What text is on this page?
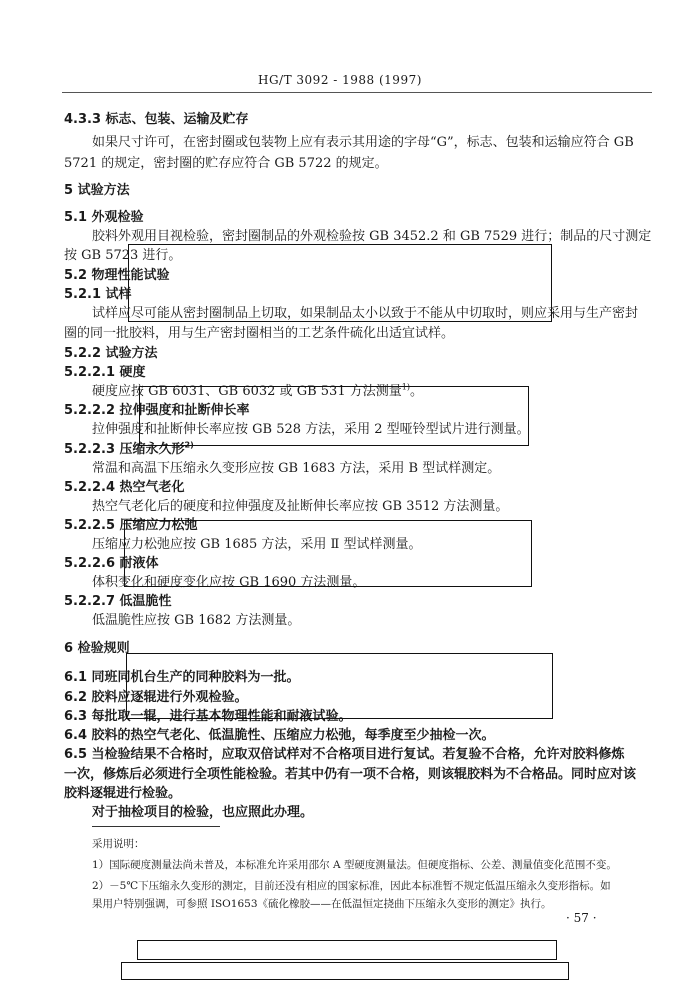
HG/T 3092 - 1988 (1997)
4.3.3 标志、包装、运输及贮存
如果尺寸许可，在密封圈或包装物上应有表示其用途的字母“G”，标志、包装和运输应符合 GB
5721 的规定，密封圈的贮存应符合 GB 5722 的规定。
5 试验方法
5.1 外观检验
胶料外观用目视检验，密封圈制品的外观检验按 GB 3452.2 和 GB 7529 进行；制品的尺寸测定
按 GB 5723 进行。
5.2 物理性能试验
5.2.1 试样
试样应尽可能从密封圈制品上切取，如果制品太小以致于不能从中切取时，则应采用与生产密封
圈的同一批胶料，用与生产密封圈相当的工艺条件硫化出适宜试样。
5.2.2 试验方法
5.2.2.1 硬度
硬度应按 GB 6031、GB 6032 或 GB 531 方法测量$^{1)}$。
5.2.2.2 拉伸强度和扯断伸长率
拉伸强度和扯断伸长率应按 GB 528 方法，采用 2 型哑铃型试片进行测量。
5.2.2.3 压缩永久形$^{2)}$
常温和高温下压缩永久变形应按 GB 1683 方法，采用 B 型试样测定。
5.2.2.4 热空气老化
热空气老化后的硬度和拉伸强度及扯断伸长率应按 GB 3512 方法测量。
5.2.2.5 压缩应力松弛
压缩应力松弛应按 GB 1685 方法，采用 Ⅱ 型试样测量。
5.2.2.6 耐液体
体积变化和硬度变化应按 GB 1690 方法测量。
5.2.2.7 低温脆性
低温脆性应按 GB 1682 方法测量。
6 检验规则
6.1 同班同机台生产的同种胶料为一批。
6.2 胶料应逐辊进行外观检验。
6.3 每批取一辊，进行基本物理性能和耐液试验。
6.4 胶料的热空气老化、低温脆性、压缩应力松弛，每季度至少抽检一次。
6.5 当检验结果不合格时，应取双倍试样对不合格项目进行复试。若复验不合格，允许对胶料修炼
一次，修炼后必须进行全项性能检验。若其中仍有一项不合格，则该辊胶料为不合格品。同时应对该
胶料逐辊进行检验。
对于抽检项目的检验，也应照此办理。
采用说明：
1）国际硬度测量法尚未普及，本标准允许采用邵尔 A 型硬度测量法。但硬度指标、公差、测量值变化范围不变。
2）－5℃下压缩永久变形的测定，目前还没有相应的国家标准，因此本标准暂不规定低温压缩永久变形指标。如
果用户特别强调，可参照 ISO1653《硫化橡胶——在低温恒定挠曲下压缩永久变形的测定》执行。
· 57 ·
